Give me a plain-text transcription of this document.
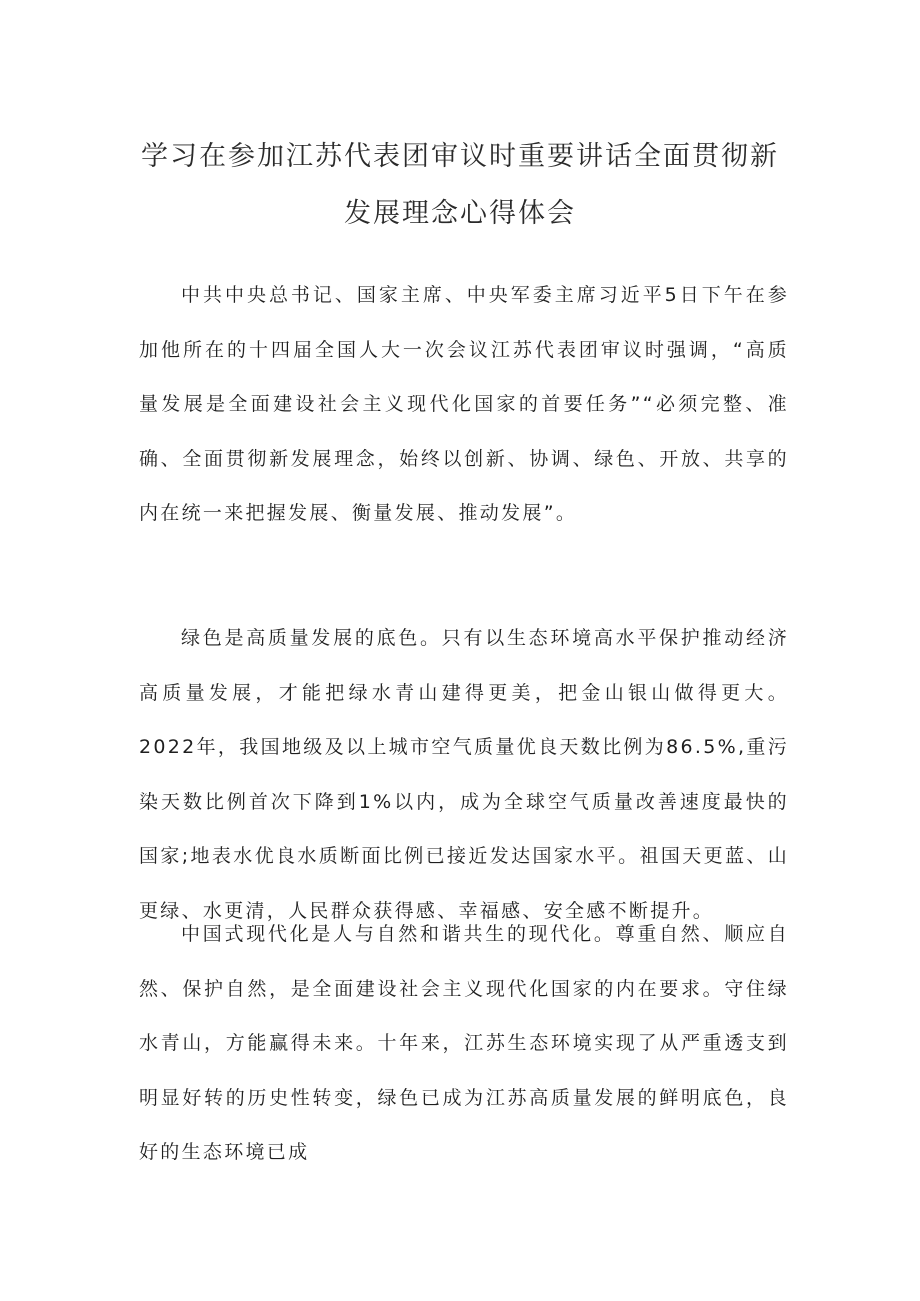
学习在参加江苏代表团审议时重要讲话全面贯彻新
发展理念心得体会

中共中央总书记、国家主席、中央军委主席习近平5日下午在参加他所在的十四届全国人大一次会议江苏代表团审议时强调，“高质量发展是全面建设社会主义现代化国家的首要任务”“必须完整、准确、全面贯彻新发展理念，始终以创新、协调、绿色、开放、共享的内在统一来把握发展、衡量发展、推动发展”。

绿色是高质量发展的底色。只有以生态环境高水平保护推动经济高质量发展，才能把绿水青山建得更美，把金山银山做得更大。2022年，我国地级及以上城市空气质量优良天数比例为86.5%,重污染天数比例首次下降到1%以内，成为全球空气质量改善速度最快的国家;地表水优良水质断面比例已接近发达国家水平。祖国天更蓝、山更绿、水更清，人民群众获得感、幸福感、安全感不断提升。

中国式现代化是人与自然和谐共生的现代化。尊重自然、顺应自然、保护自然，是全面建设社会主义现代化国家的内在要求。守住绿水青山，方能赢得未来。十年来，江苏生态环境实现了从严重透支到明显好转的历史性转变，绿色已成为江苏高质量发展的鲜明底色，良好的生态环境已成
